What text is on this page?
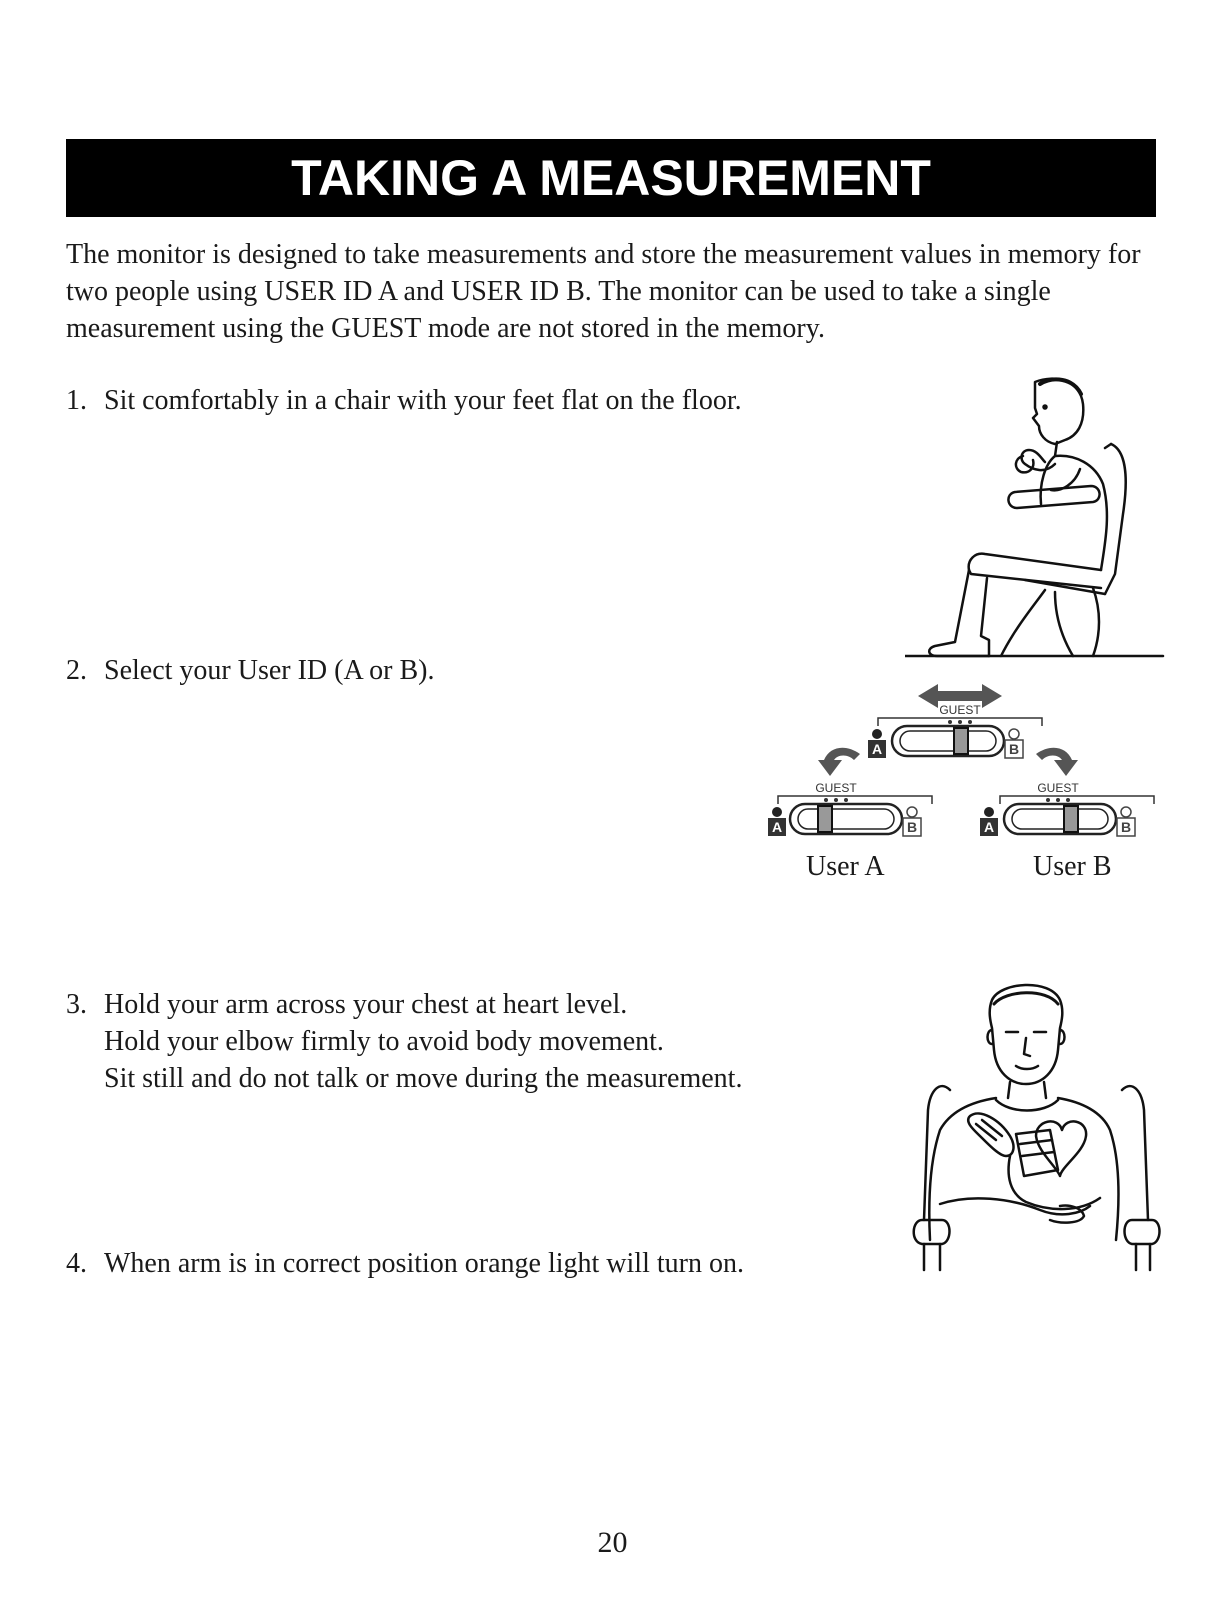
TAKING A MEASUREMENT
The monitor is designed to take measurements and store the measurement values in memory for two people using USER ID A and USER ID B. The monitor can be used to take a single measurement using the GUEST mode are not stored in the memory.
1. Sit comfortably in a chair with your feet flat on the floor.
2. Select your User ID (A or B).
3. Hold your arm across your chest at heart level.
Hold your elbow firmly to avoid body movement.
Sit still and do not talk or move during the measurement.
4. When arm is in correct position orange light will turn on.
GUEST
A	B
GUEST
A	B
GUEST
A	B
User A	User B
20
